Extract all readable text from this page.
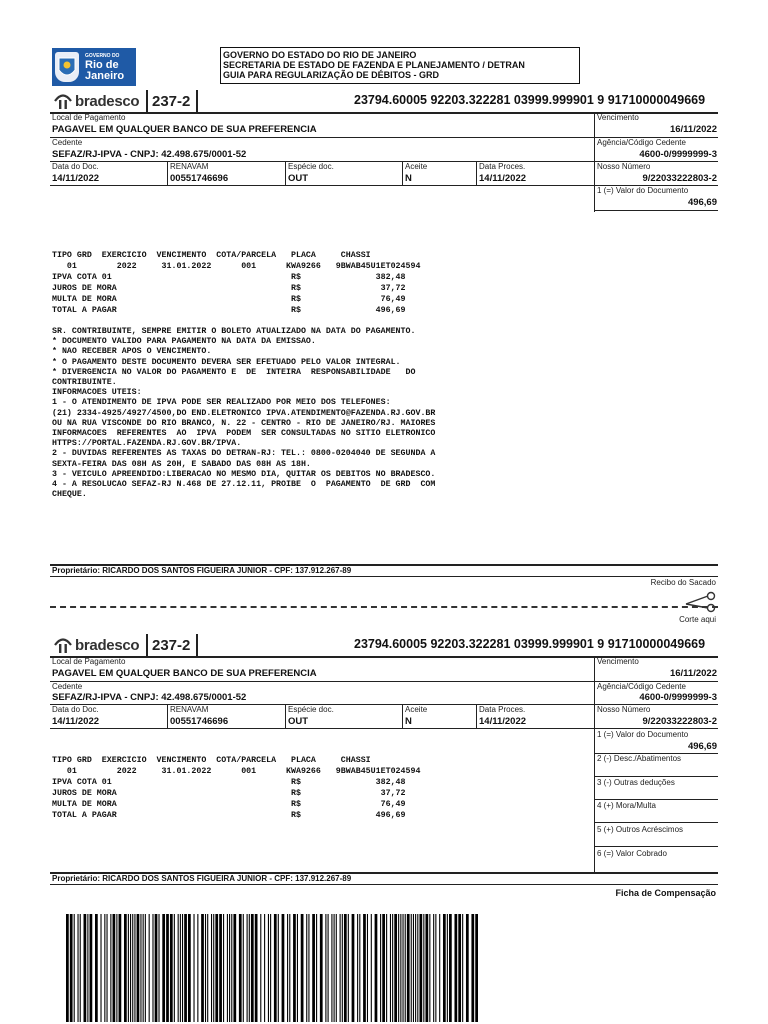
GOVERNO DO
Rio de
Janeiro
GOVERNO DO ESTADO DO RIO DE JANEIRO
SECRETARIA DE ESTADO DE FAZENDA E PLANEJAMENTO / DETRAN
GUIA PARA REGULARIZAÇÃO DE DÉBITOS - GRD
bradesco 237-2	23794.60005 92203.322281 03999.999901 9 91710000049669
Local de Pagamento
PAGAVEL EM QUALQUER BANCO DE SUA PREFERENCIA
Vencimento
16/11/2022
Cedente
SEFAZ/RJ-IPVA - CNPJ: 42.498.675/0001-52
Agência/Código Cedente
4600-0/9999999-3
Data do Doc.
14/11/2022
RENAVAM
00551746696
Espécie doc.
OUT
Aceite
N
Data Proces.
14/11/2022
Nosso Número
9/22033222803-2
1 (=) Valor do Documento
496,69
TIPO GRD  EXERCICIO  VENCIMENTO  COTA/PARCELA   PLACA     CHASSI
01        2022     31.01.2022      001      KWA9266   9BWAB45U1ET024594
IPVA COTA 01                                    R$               382,48
JUROS DE MORA                                   R$                37,72
MULTA DE MORA                                   R$                76,49
TOTAL A PAGAR                                   R$               496,69
SR. CONTRIBUINTE, SEMPRE EMITIR O BOLETO ATUALIZADO NA DATA DO PAGAMENTO.
* DOCUMENTO VALIDO PARA PAGAMENTO NA DATA DA EMISSAO.
* NAO RECEBER APOS O VENCIMENTO.
* O PAGAMENTO DESTE DOCUMENTO DEVERA SER EFETUADO PELO VALOR INTEGRAL.
* DIVERGENCIA NO VALOR DO PAGAMENTO E  DE  INTEIRA  RESPONSABILIDADE   DO
CONTRIBUINTE.
INFORMACOES UTEIS:
1 - O ATENDIMENTO DE IPVA PODE SER REALIZADO POR MEIO DOS TELEFONES:
(21) 2334-4925/4927/4500,DO END.ELETRONICO IPVA.ATENDIMENTO@FAZENDA.RJ.GOV.BR
OU NA RUA VISCONDE DO RIO BRANCO, N. 22 - CENTRO - RIO DE JANEIRO/RJ. MAIORES
INFORMACOES  REFERENTES  AO  IPVA  PODEM  SER CONSULTADAS NO SITIO ELETRONICO
HTTPS://PORTAL.FAZENDA.RJ.GOV.BR/IPVA.
2 - DUVIDAS REFERENTES AS TAXAS DO DETRAN-RJ: TEL.: 0800-0204040 DE SEGUNDA A
SEXTA-FEIRA DAS 08H AS 20H, E SABADO DAS 08H AS 18H.
3 - VEICULO APREENDIDO:LIBERACAO NO MESMO DIA, QUITAR OS DEBITOS NO BRADESCO.
4 - A RESOLUCAO SEFAZ-RJ N.468 DE 27.12.11, PROIBE  O  PAGAMENTO  DE GRD  COM
CHEQUE.
Proprietário: RICARDO DOS SANTOS FIGUEIRA JUNIOR - CPF: 137.912.267-89
Recibo do Sacado
Corte aqui
bradesco 237-2	23794.60005 92203.322281 03999.999901 9 91710000049669
Local de Pagamento
PAGAVEL EM QUALQUER BANCO DE SUA PREFERENCIA
Vencimento
16/11/2022
Cedente
SEFAZ/RJ-IPVA - CNPJ: 42.498.675/0001-52
Agência/Código Cedente
4600-0/9999999-3
Data do Doc.
14/11/2022
RENAVAM
00551746696
Espécie doc.
OUT
Aceite
N
Data Proces.
14/11/2022
Nosso Número
9/22033222803-2
1 (=) Valor do Documento
496,69
2 (-) Desc./Abatimentos
3 (-) Outras deduções
4 (+) Mora/Multa
5 (+) Outros Acréscimos
6 (=) Valor Cobrado
TIPO GRD  EXERCICIO  VENCIMENTO  COTA/PARCELA   PLACA     CHASSI
01        2022     31.01.2022      001      KWA9266   9BWAB45U1ET024594
IPVA COTA 01                                    R$               382,48
JUROS DE MORA                                   R$                37,72
MULTA DE MORA                                   R$                76,49
TOTAL A PAGAR                                   R$               496,69
Proprietário: RICARDO DOS SANTOS FIGUEIRA JUNIOR - CPF: 137.912.267-89
Ficha de Compensação
